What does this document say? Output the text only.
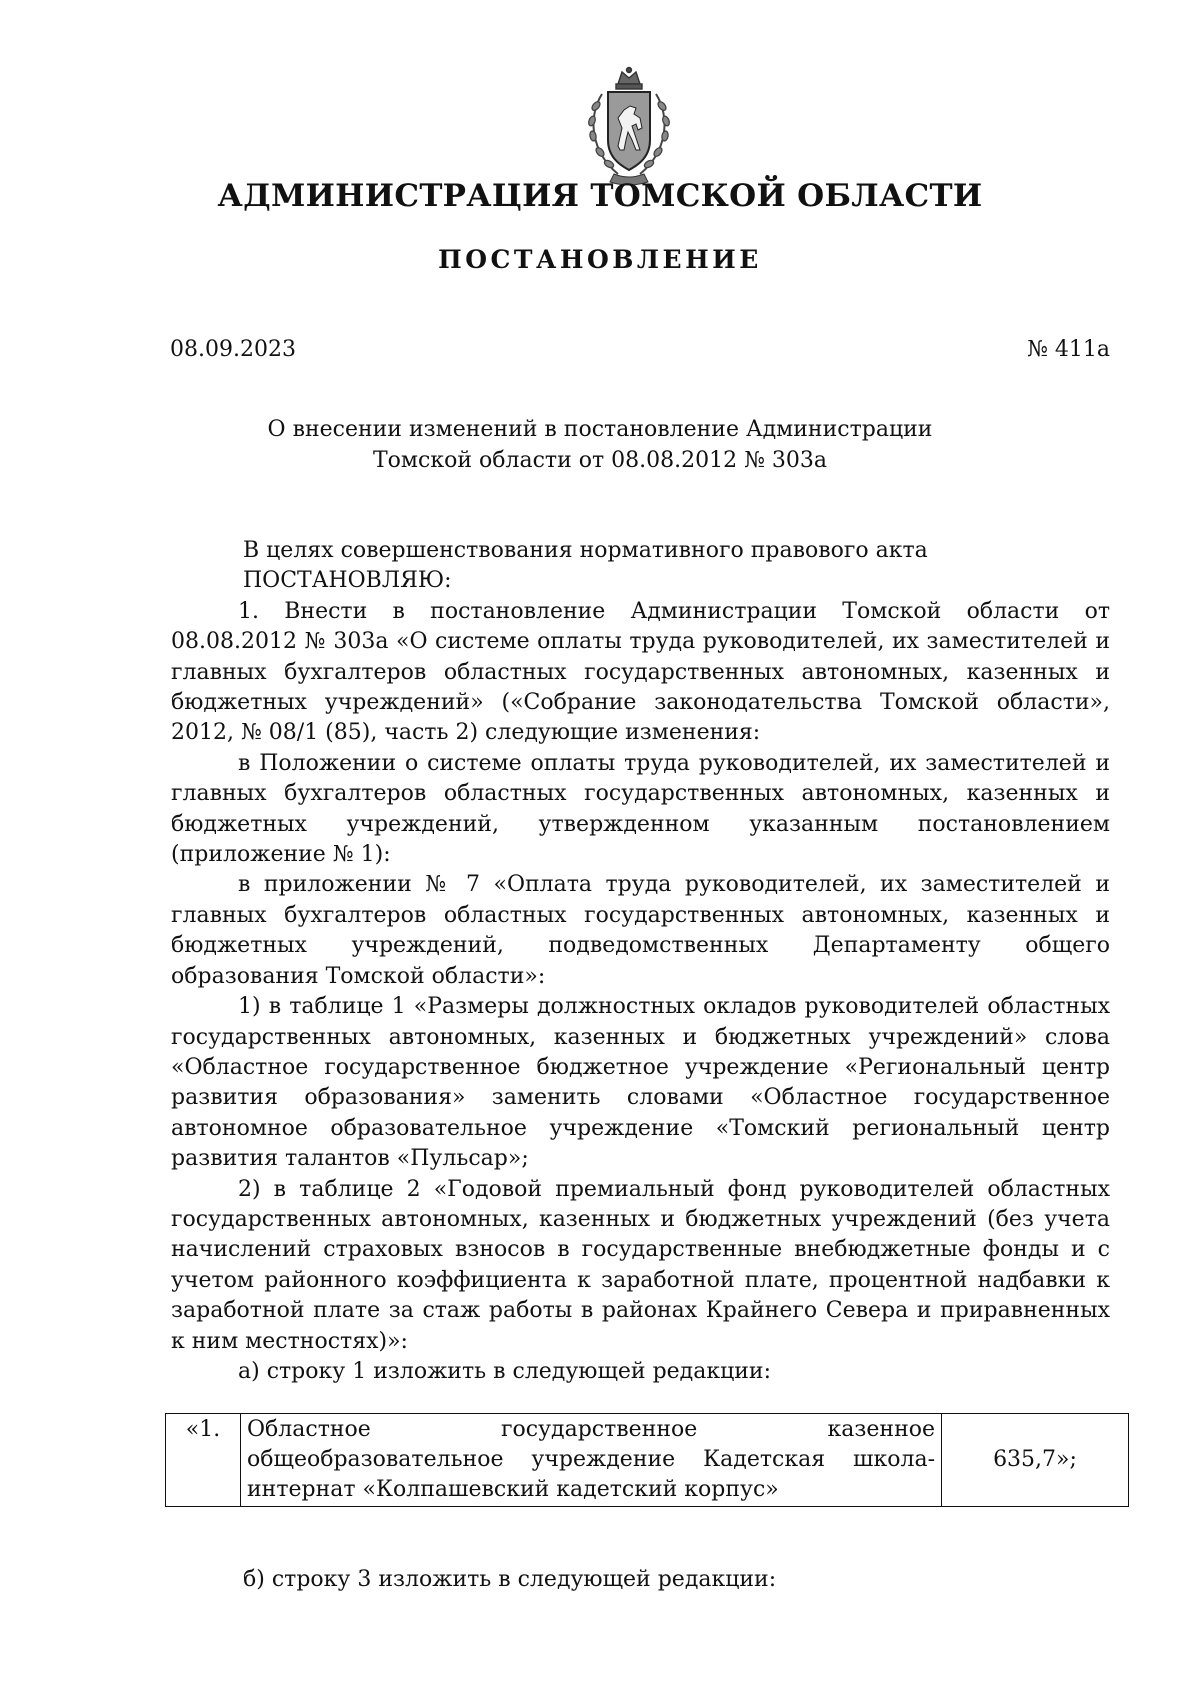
АДМИНИСТРАЦИЯ ТОМСКОЙ ОБЛАСТИ
ПОСТАНОВЛЕНИЕ
08.09.2023	№ 411а
О внесении изменений в постановление Администрации
Томской области от 08.08.2012 № 303а

В целях совершенствования нормативного правового акта

ПОСТАНОВЛЯЮ:

1. Внести в постановление Администрации Томской области от 08.08.2012 № 303а «О системе оплаты труда руководителей, их заместителей и главных бухгалтеров областных государственных автономных, казенных и бюджетных учреждений» («Собрание законодательства Томской области», 2012, № 08/1 (85), часть 2) следующие изменения:

в Положении о системе оплаты труда руководителей, их заместителей и главных бухгалтеров областных государственных автономных, казенных и бюджетных учреждений, утвержденном указанным постановлением (приложение № 1):

в приложении № 7 «Оплата труда руководителей, их заместителей и главных бухгалтеров областных государственных автономных, казенных и бюджетных учреждений, подведомственных Департаменту общего образования Томской области»:

1) в таблице 1 «Размеры должностных окладов руководителей областных государственных автономных, казенных и бюджетных учреждений» слова «Областное государственное бюджетное учреждение «Региональный центр развития образования» заменить словами «Областное государственное автономное образовательное учреждение «Томский региональный центр развития талантов «Пульсар»;

2) в таблице 2 «Годовой премиальный фонд руководителей областных государственных автономных, казенных и бюджетных учреждений (без учета начислений страховых взносов в государственные внебюджетные фонды и с учетом районного коэффициента к заработной плате, процентной надбавки к заработной плате за стаж работы в районах Крайнего Севера и приравненных к ним местностях)»:

а) строку 1 изложить в следующей редакции:

«1.	Областное государственное казенное общеобразовательное учреждение Кадетская школа-интернат «Колпашевский кадетский корпус»	635,7»;
б) строку 3 изложить в следующей редакции:
